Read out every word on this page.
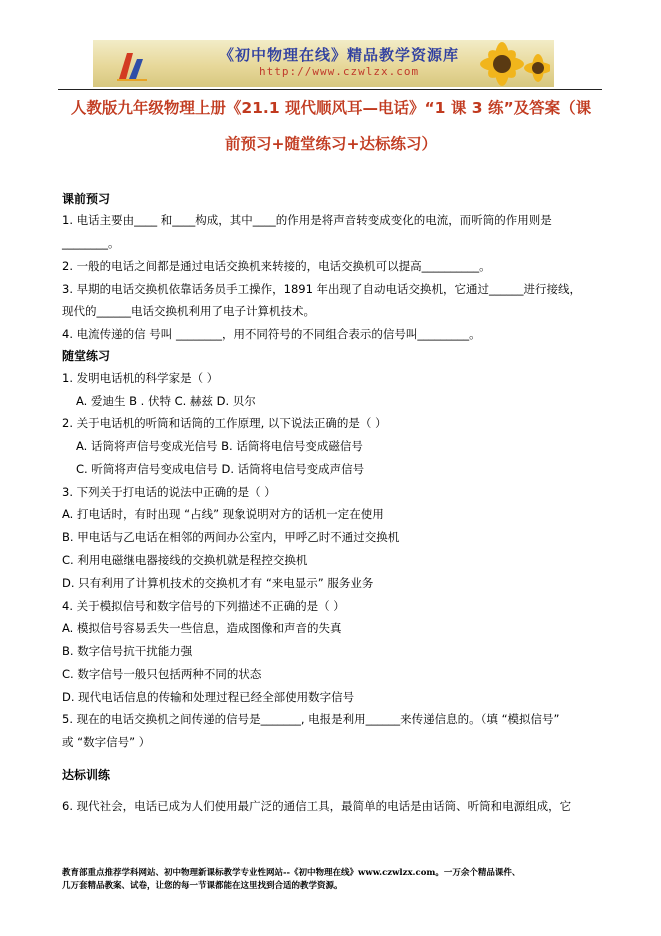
《初中物理在线》精品教学资源库
http://www.czwlzx.com
人教版九年级物理上册《21.1 现代顺风耳—电话》“1 课 3 练”及答案（课
前预习+随堂练习+达标练习）
课前预习
1. 电话主要由____ 和____构成，其中____的作用是将声音转变成变化的电流，而听筒的作用则是
________。
2. 一般的电话之间都是通过电话交换机来转接的，电话交换机可以提高__________。
3. 早期的电话交换机依靠话务员手工操作，1891 年出现了自动电话交换机，它通过______进行接线，
现代的______电话交换机利用了电子计算机技术。
4. 电流传递的信 号叫 ________，用不同符号的不同组合表示的信号叫_________。
随堂练习
1. 发明电话机的科学家是（ ）
A. 爱迪生 B . 伏特 C. 赫兹 D. 贝尔
2. 关于电话机的听筒和话筒的工作原理, 以下说法正确的是（ ）
A. 话筒将声信号变成光信号 B. 话筒将电信号变成磁信号
C. 听筒将声信号变成电信号 D. 话筒将电信号变成声信号
3. 下列关于打电话的说法中正确的是（ ）
A. 打电话时，有时出现 “占线” 现象说明对方的话机一定在使用
B. 甲电话与乙电话在相邻的两间办公室内，甲呼乙时不通过交换机
C. 利用电磁继电器接线的交换机就是程控交换机
D. 只有利用了计算机技术的交换机才有 “来电显示” 服务业务
4. 关于模拟信号和数字信号的下列描述不正确的是（ ）
A. 模拟信号容易丢失一些信息，造成图像和声音的失真
B. 数字信号抗干扰能力强
C. 数字信号一般只包括两种不同的状态
D. 现代电话信息的传输和处理过程已经全部使用数字信号
5. 现在的电话交换机之间传递的信号是_______, 电报是利用______来传递信息的。（填 “模拟信号”
或 “数字信号” ）
达标训练
6. 现代社会，电话已成为人们使用最广泛的通信工具，最简单的电话是由话筒、听筒和电源组成，它
教育部重点推荐学科网站、初中物理新课标教学专业性网站--《初中物理在线》www.czwlzx.com。一万余个精品课件、
几万套精品教案、试卷，让您的每一节课都能在这里找到合适的教学资源。
